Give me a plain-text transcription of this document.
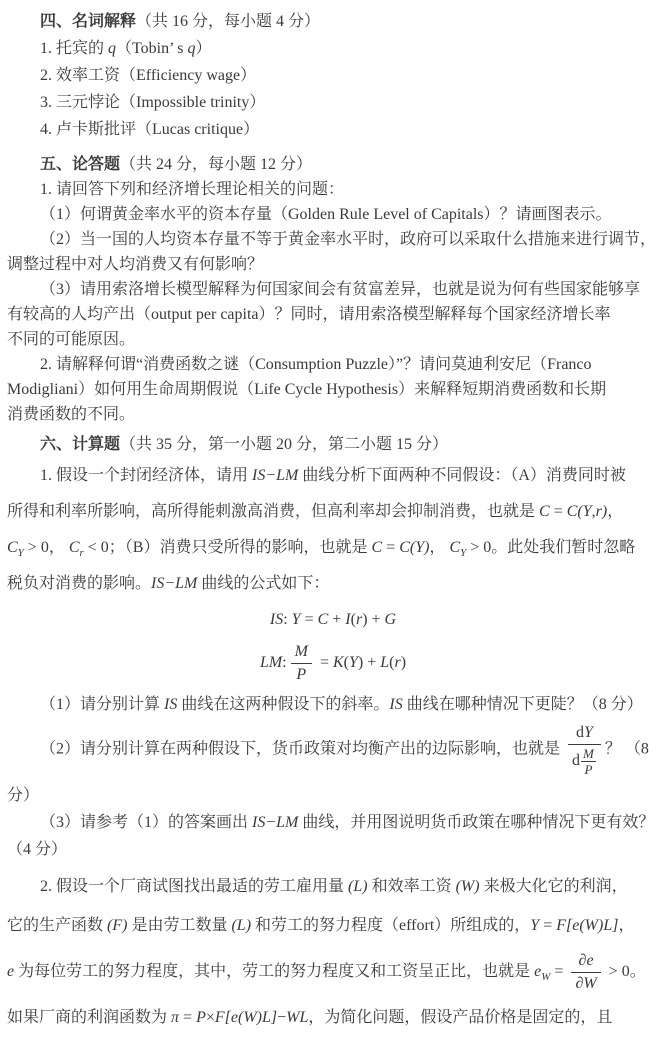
四、名词解释（共 16 分，每小题 4 分）
1. 托宾的 q（Tobin’ s q）
2. 效率工资（Efficiency wage）
3. 三元悖论（Impossible trinity）
4. 卢卡斯批评（Lucas critique）
五、论答题（共 24 分，每小题 12 分）
1. 请回答下列和经济增长理论相关的问题：
（1）何谓黄金率水平的资本存量（Golden Rule Level of Capitals）？请画图表示。
（2）当一国的人均资本存量不等于黄金率水平时，政府可以采取什么措施来进行调节，
调整过程中对人均消费又有何影响？
（3）请用索洛增长模型解释为何国家间会有贫富差异，也就是说为何有些国家能够享
有较高的人均产出（output per capita）？同时，请用索洛模型解释每个国家经济增长率
不同的可能原因。
2. 请解释何谓“消费函数之谜（Consumption Puzzle）”？请问莫迪利安尼（Franco
Modigliani）如何用生命周期假说（Life Cycle Hypothesis）来解释短期消费函数和长期
消费函数的不同。
六、计算题（共 35 分，第一小题 20 分，第二小题 15 分）
1. 假设一个封闭经济体，请用 IS−LM 曲线分析下面两种不同假设：（A）消费同时被
所得和利率所影响，高所得能刺激高消费，但高利率却会抑制消费，也就是 C = C(Y,r)，
$C_Y > 0$， $C_r < 0$；（B）消费只受所得的影响，也就是 C = C(Y)， $C_Y > 0$。此处我们暂时忽略
税负对消费的影响。IS−LM 曲线的公式如下：
IS: Y = C + I(r) + G
LM: $\frac{M}{P} = K(Y) + L(r)$
（1）请分别计算 IS 曲线在这两种假设下的斜率。IS 曲线在哪种情况下更陡？（8 分）
（2）请分别计算在两种假设下，货币政策对均衡产出的边际影响，也就是
dY
d $\frac{M}{P}$ ？ （8
分）
（3）请参考（1）的答案画出 IS−LM 曲线，并用图说明货币政策在哪种情况下更有效？
（4 分）
2. 假设一个厂商试图找出最适的劳工雇用量 (L) 和效率工资 (W) 来极大化它的利润，
它的生产函数 (F) 是由劳工数量 (L) 和劳工的努力程度（effort）所组成的，Y = F[e(W)L]，
e 为每位劳工的努力程度，其中，劳工的努力程度又和工资呈正比，也就是 $e_W = \frac{\partial e}{\partial W} > 0$。
如果厂商的利润函数为 π = P×F[e(W)L]−WL，为简化问题，假设产品价格是固定的，且
